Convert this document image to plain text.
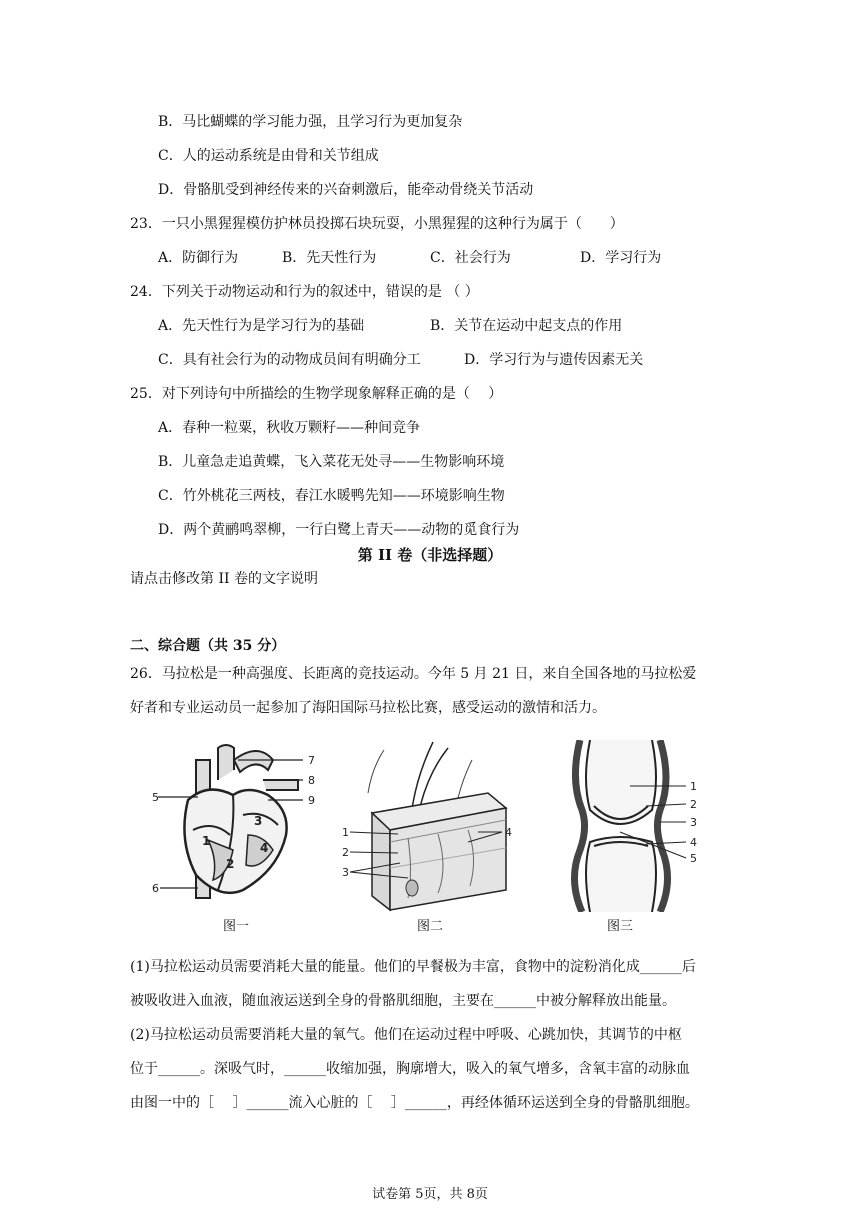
B．马比蝴蝶的学习能力强，且学习行为更加复杂
C．人的运动系统是由骨和关节组成
D．骨骼肌受到神经传来的兴奋刺激后，能牵动骨绕关节活动
23．一只小黑猩猩模仿护林员投掷石块玩耍，小黑猩猩的这种行为属于（　　）
A．防御行为	B．先天性行为	C．社会行为	D．学习行为
24．下列关于动物运动和行为的叙述中，错误的是 （ ）
A．先天性行为是学习行为的基础	B．关节在运动中起支点的作用
C．具有社会行为的动物成员间有明确分工	D．学习行为与遗传因素无关
25．对下列诗句中所描绘的生物学现象解释正确的是（　 ）
A．春种一粒粟，秋收万颗籽——种间竞争
B．儿童急走追黄蝶，飞入菜花无处寻——生物影响环境
C．竹外桃花三两枝，春江水暖鸭先知——环境影响生物
D．两个黄鹂鸣翠柳，一行白鹭上青天——动物的觅食行为
第 II 卷（非选择题）
请点击修改第 II 卷的文字说明
二、综合题（共 35 分）
26．马拉松是一种高强度、长距离的竞技运动。今年 5 月 21 日，来自全国各地的马拉松爱
好者和专业运动员一起参加了海阳国际马拉松比赛，感受运动的激情和活力。
1
2
3
4
5
6
7
8
9
图一
1
2
3
4
图二
1
2
3
4
5
图三
(1)马拉松运动员需要消耗大量的能量。他们的早餐极为丰富，食物中的淀粉消化成______后
被吸收进入血液，随血液运送到全身的骨骼肌细胞，主要在______中被分解释放出能量。
(2)马拉松运动员需要消耗大量的氧气。他们在运动过程中呼吸、心跳加快，其调节的中枢
位于______。深吸气时，______收缩加强，胸廓增大，吸入的氧气增多，含氧丰富的动脉血
由图一中的［　 ］______流入心脏的［　 ］______，再经体循环运送到全身的骨骼肌细胞。
试卷第 5页，共 8页
